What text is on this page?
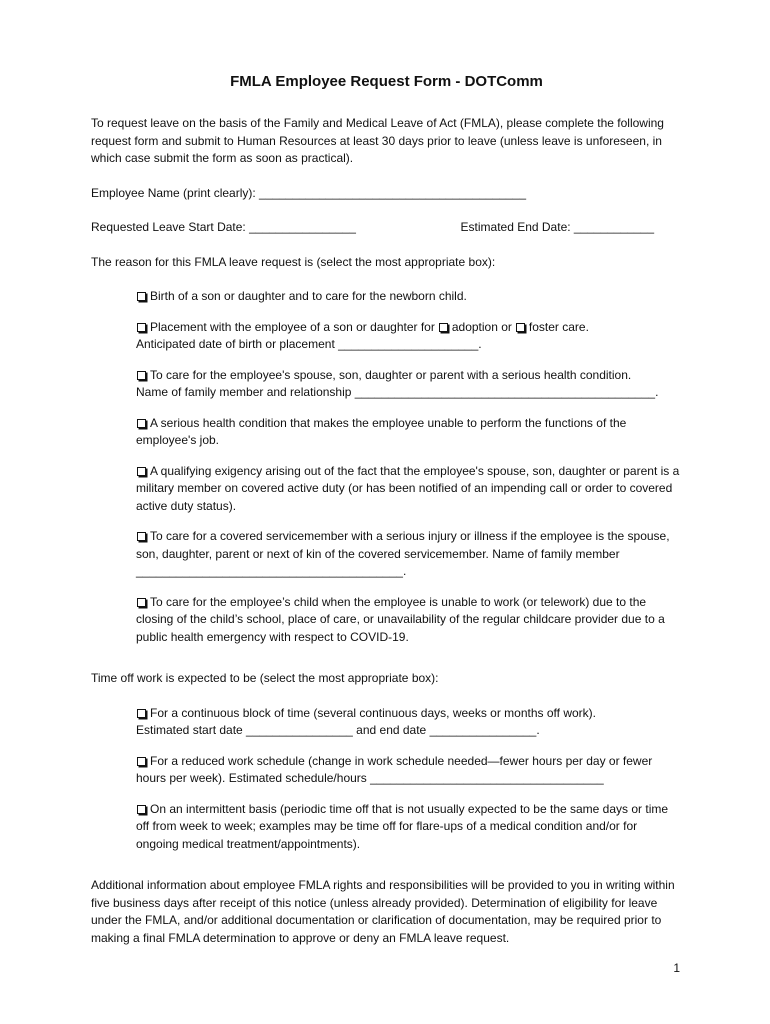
FMLA Employee Request Form - DOTComm

To request leave on the basis of the Family and Medical Leave of Act (FMLA), please complete the following request form and submit to Human Resources at least 30 days prior to leave (unless leave is unforeseen, in which case submit the form as soon as practical).

Employee Name (print clearly): ________________________________________

Requested Leave Start Date: ________________	Estimated End Date: ____________

The reason for this FMLA leave request is (select the most appropriate box):

Birth of a son or daughter and to care for the newborn child.
Placement with the employee of a son or daughter for adoption or foster care.
Anticipated date of birth or placement _____________________.
To care for the employee's spouse, son, daughter or parent with a serious health condition.
Name of family member and relationship _____________________________________________.
A serious health condition that makes the employee unable to perform the functions of the employee's job.
A qualifying exigency arising out of the fact that the employee's spouse, son, daughter or parent is a military member on covered active duty (or has been notified of an impending call or order to covered active duty status).
To care for a covered servicemember with a serious injury or illness if the employee is the spouse, son, daughter, parent or next of kin of the covered servicemember. Name of family member ________________________________________.
To care for the employee’s child when the employee is unable to work (or telework) due to the closing of the child’s school, place of care, or unavailability of the regular childcare provider due to a public health emergency with respect to COVID-19.

Time off work is expected to be (select the most appropriate box):

For a continuous block of time (several continuous days, weeks or months off work).
Estimated start date ________________ and end date ________________.
For a reduced work schedule (change in work schedule needed—fewer hours per day or fewer hours per week). Estimated schedule/hours ___________________________________
On an intermittent basis (periodic time off that is not usually expected to be the same days or time off from week to week; examples may be time off for flare-ups of a medical condition and/or for ongoing medical treatment/appointments).

Additional information about employee FMLA rights and responsibilities will be provided to you in writing within five business days after receipt of this notice (unless already provided). Determination of eligibility for leave under the FMLA, and/or additional documentation or clarification of documentation, may be required prior to making a final FMLA determination to approve or deny an FMLA leave request.

1
